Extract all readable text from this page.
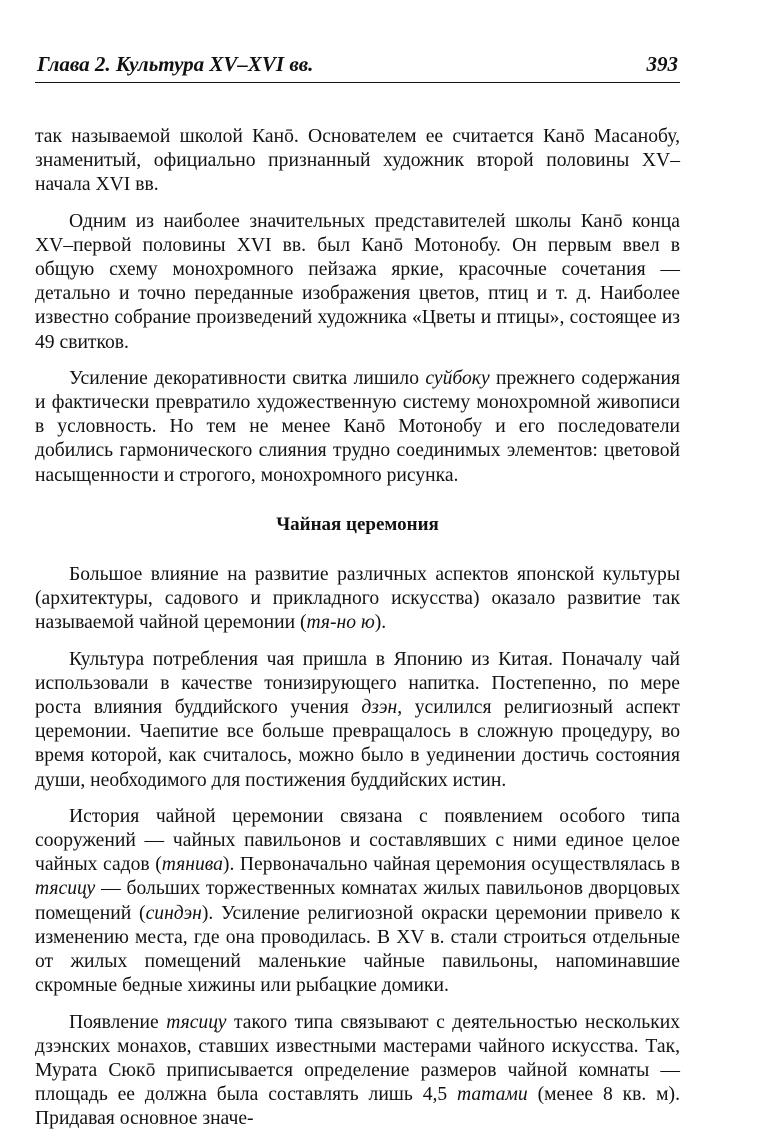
Глава 2. Культура XV–XVI вв.	393

так называемой школой Канō. Основателем ее считается Канō Масанобу, знаменитый, официально признанный художник второй половины XV–начала XVI вв.

Одним из наиболее значительных представителей школы Канō конца XV–первой половины XVI вв. был Канō Мотонобу. Он первым ввел в общую схему монохромного пейзажа яркие, красочные сочетания — детально и точно переданные изображения цветов, птиц и т. д. Наиболее известно собрание произведений художника «Цветы и птицы», состоящее из 49 свитков.

Усиление декоративности свитка лишило суйбоку прежнего содержания и фактически превратило художественную систему монохромной живописи в условность. Но тем не менее Канō Мотонобу и его последователи добились гармонического слияния трудно соединимых элементов: цветовой насыщенности и строгого, монохромного рисунка.

Чайная церемония

Большое влияние на развитие различных аспектов японской культуры (архитектуры, садового и прикладного искусства) оказало развитие так называемой чайной церемонии (тя-но ю).

Культура потребления чая пришла в Японию из Китая. Поначалу чай использовали в качестве тонизирующего напитка. Постепенно, по мере роста влияния буддийского учения дзэн, усилился религиозный аспект церемонии. Чаепитие все больше превращалось в сложную процедуру, во время которой, как считалось, можно было в уединении достичь состояния души, необходимого для постижения буддийских истин.

История чайной церемонии связана с появлением особого типа сооружений — чайных павильонов и составлявших с ними единое целое чайных садов (тянива). Первоначально чайная церемония осуществлялась в тясицу — больших торжественных комнатах жилых павильонов дворцовых помещений (синдэн). Усиление религиозной окраски церемонии привело к изменению места, где она проводилась. В XV в. стали строиться отдельные от жилых помещений маленькие чайные павильоны, напоминавшие скромные бедные хижины или рыбацкие домики.

Появление тясицу такого типа связывают с деятельностью нескольких дзэнских монахов, ставших известными мастерами чайного искусства. Так, Мурата Сюкō приписывается определение размеров чайной комнаты — площадь ее должна была составлять лишь 4,5 татами (менее 8 кв. м). Придавая основное значе-
